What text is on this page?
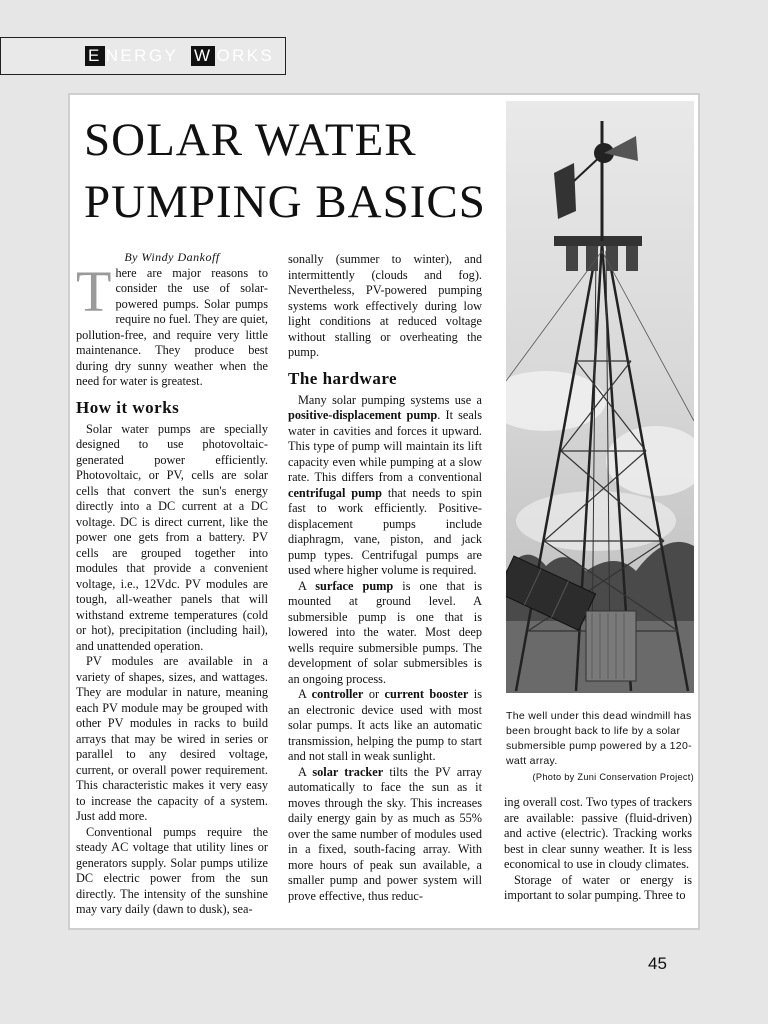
E NERGY W ORKS
SOLAR WATER
PUMPING BASICS

By Windy Dankoff

There are major reasons to consider the use of solar-powered pumps. Solar pumps require no fuel. They are quiet, pollution-free, and require very little maintenance. They produce best during dry sunny weather when the need for water is greatest.

How it works

Solar water pumps are specially designed to use photovoltaic-generated power efficiently. Photovoltaic, or PV, cells are solar cells that convert the sun's energy directly into a DC current at a DC voltage. DC is direct current, like the power one gets from a battery. PV cells are grouped together into modules that provide a convenient voltage, i.e., 12Vdc. PV modules are tough, all-weather panels that will withstand extreme temperatures (cold or hot), precipitation (including hail), and unattended operation.

PV modules are available in a variety of shapes, sizes, and wattages. They are modular in nature, meaning each PV module may be grouped with other PV modules in racks to build arrays that may be wired in series or parallel to any desired voltage, current, or overall power requirement. This characteristic makes it very easy to increase the capacity of a system. Just add more.

Conventional pumps require the steady AC voltage that utility lines or generators supply. Solar pumps utilize DC electric power from the sun directly. The intensity of the sunshine may vary daily (dawn to dusk), sea-

sonally (summer to winter), and intermittently (clouds and fog). Nevertheless, PV-powered pumping systems work effectively during low light conditions at reduced voltage without stalling or overheating the pump.

The hardware

Many solar pumping systems use a positive-displacement pump. It seals water in cavities and forces it upward. This type of pump will maintain its lift capacity even while pumping at a slow rate. This differs from a conventional centrifugal pump that needs to spin fast to work efficiently. Positive-displacement pumps include diaphragm, vane, piston, and jack pump types. Centrifugal pumps are used where higher volume is required.

A surface pump is one that is mounted at ground level. A submersible pump is one that is lowered into the water. Most deep wells require submersible pumps. The development of solar submersibles is an ongoing process.

A controller or current booster is an electronic device used with most solar pumps. It acts like an automatic transmission, helping the pump to start and not stall in weak sunlight.

A solar tracker tilts the PV array automatically to face the sun as it moves through the sky. This increases daily energy gain by as much as 55% over the same number of modules used in a fixed, south-facing array. With more hours of peak sun available, a smaller pump and power system will prove effective, thus reduc-

The well under this dead windmill has been brought back to life by a solar submersible pump powered by a 120-watt array.
(Photo by Zuni Conservation Project)

ing overall cost. Two types of trackers are available: passive (fluid-driven) and active (electric). Tracking works best in clear sunny weather. It is less economical to use in cloudy climates.

Storage of water or energy is important to solar pumping. Three to

45
